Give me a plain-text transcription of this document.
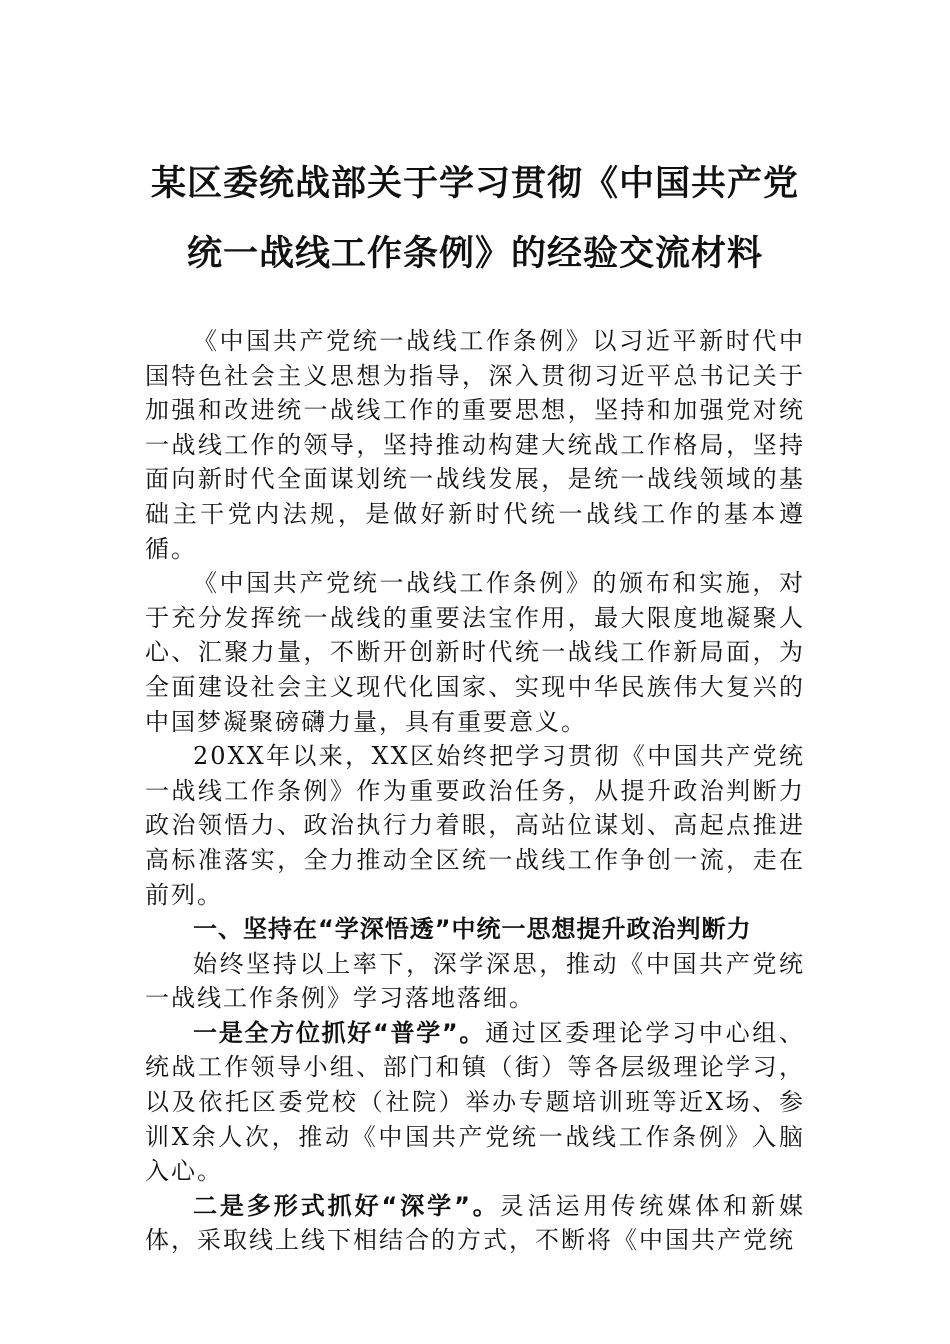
某区委统战部关于学习贯彻《中国共产党
统一战线工作条例》的经验交流材料

《中国共产党统一战线工作条例》以习近平新时代中国特色社会主义思想为指导，深入贯彻习近平总书记关于加强和改进统一战线工作的重要思想，坚持和加强党对统一战线工作的领导，坚持推动构建大统战工作格局，坚持面向新时代全面谋划统一战线发展，是统一战线领域的基础主干党内法规，是做好新时代统一战线工作的基本遵循。

《中国共产党统一战线工作条例》的颁布和实施，对于充分发挥统一战线的重要法宝作用，最大限度地凝聚人心、汇聚力量，不断开创新时代统一战线工作新局面，为全面建设社会主义现代化国家、实现中华民族伟大复兴的中国梦凝聚磅礴力量，具有重要意义。

20XX年以来，XX区始终把学习贯彻《中国共产党统一战线工作条例》作为重要政治任务，从提升政治判断力政治领悟力、政治执行力着眼，高站位谋划、高起点推进高标准落实，全力推动全区统一战线工作争创一流，走在前列。

一、坚持在“学深悟透”中统一思想提升政治判断力

始终坚持以上率下，深学深思，推动《中国共产党统一战线工作条例》学习落地落细。

一是全方位抓好“普学”。通过区委理论学习中心组、统战工作领导小组、部门和镇（街）等各层级理论学习，以及依托区委党校（社院）举办专题培训班等近X场、参训X余人次，推动《中国共产党统一战线工作条例》入脑入心。

二是多形式抓好“深学”。灵活运用传统媒体和新媒体，采取线上线下相结合的方式，不断将《中国共产党统
